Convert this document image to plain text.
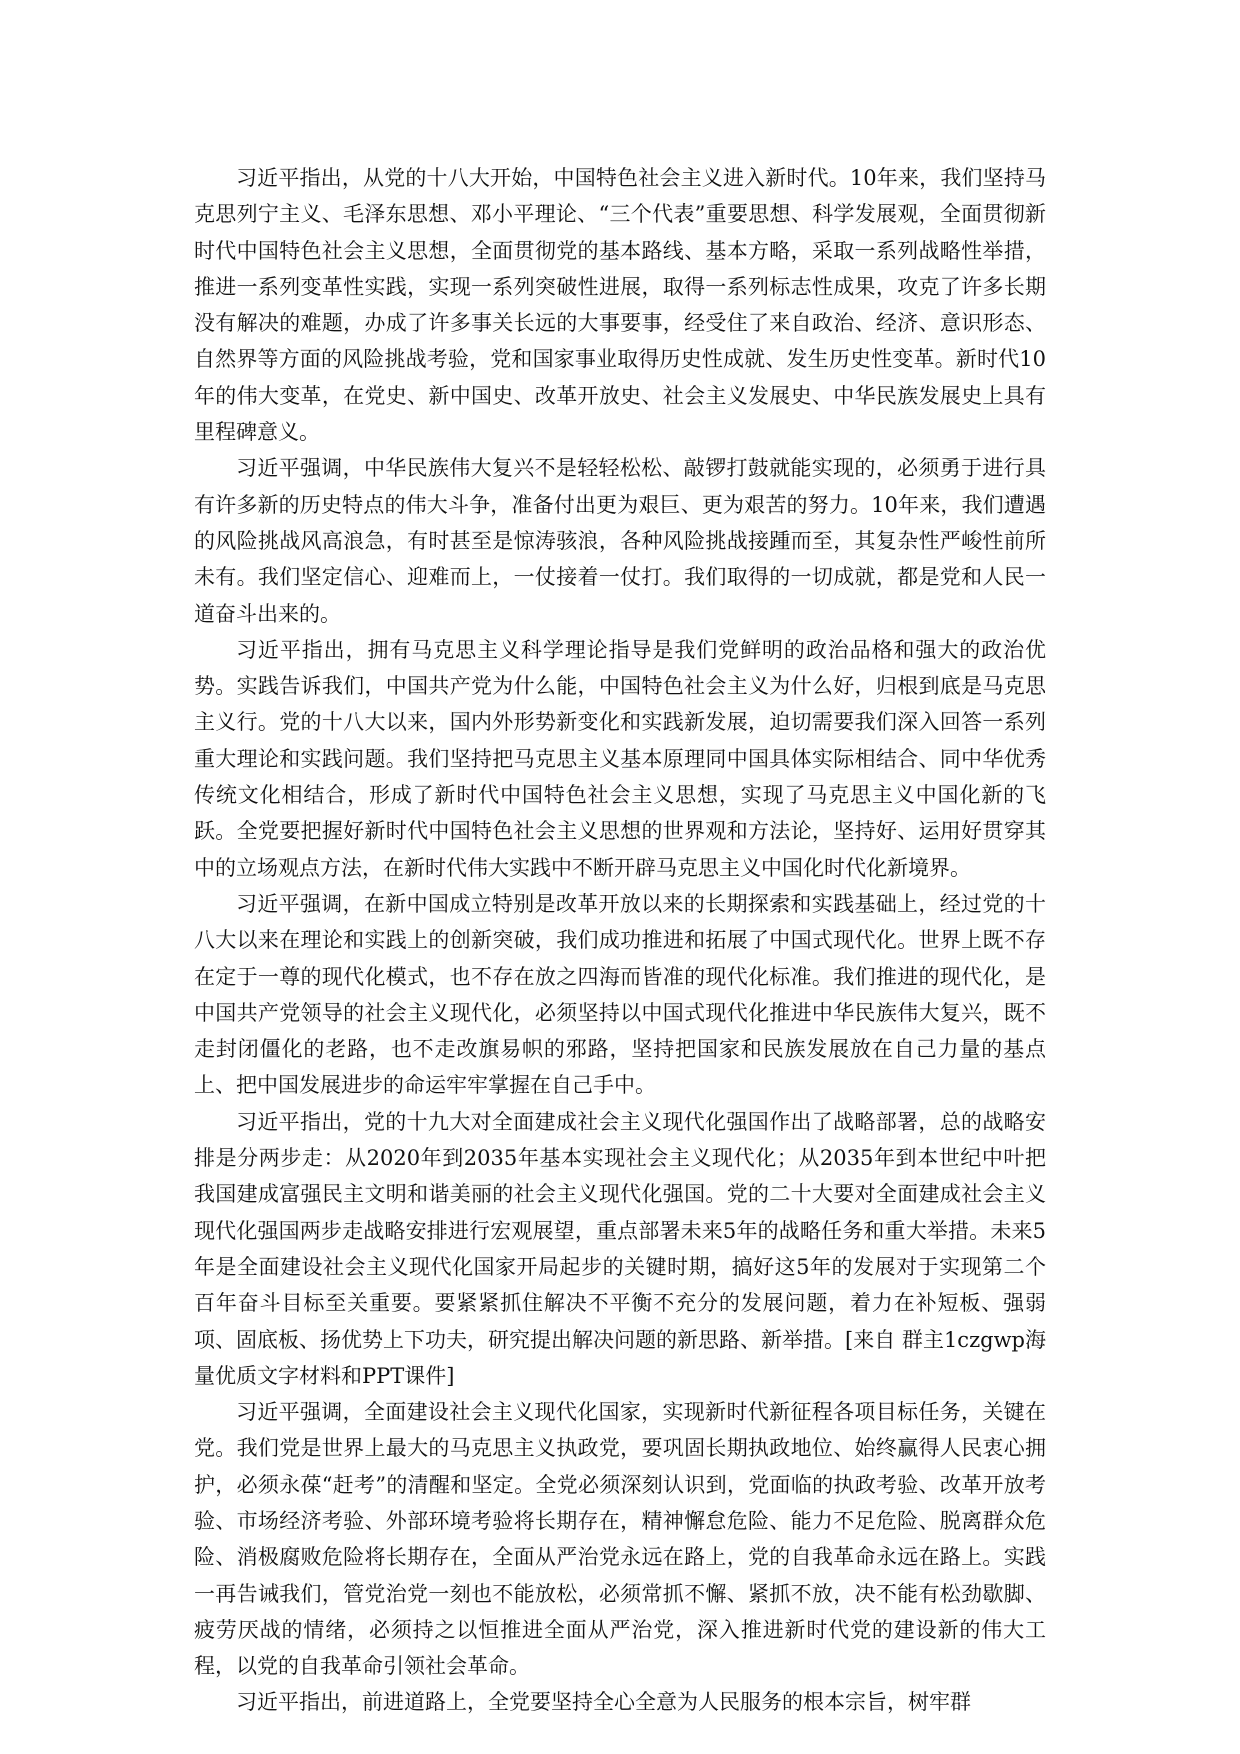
习近平指出，从党的十八大开始，中国特色社会主义进入新时代。10年来，我们坚持马克思列宁主义、毛泽东思想、邓小平理论、“三个代表”重要思想、科学发展观，全面贯彻新时代中国特色社会主义思想，全面贯彻党的基本路线、基本方略，采取一系列战略性举措，推进一系列变革性实践，实现一系列突破性进展，取得一系列标志性成果，攻克了许多长期没有解决的难题，办成了许多事关长远的大事要事，经受住了来自政治、经济、意识形态、自然界等方面的风险挑战考验，党和国家事业取得历史性成就、发生历史性变革。新时代10年的伟大变革，在党史、新中国史、改革开放史、社会主义发展史、中华民族发展史上具有里程碑意义。

习近平强调，中华民族伟大复兴不是轻轻松松、敲锣打鼓就能实现的，必须勇于进行具有许多新的历史特点的伟大斗争，准备付出更为艰巨、更为艰苦的努力。10年来，我们遭遇的风险挑战风高浪急，有时甚至是惊涛骇浪，各种风险挑战接踵而至，其复杂性严峻性前所未有。我们坚定信心、迎难而上，一仗接着一仗打。我们取得的一切成就，都是党和人民一道奋斗出来的。

习近平指出，拥有马克思主义科学理论指导是我们党鲜明的政治品格和强大的政治优势。实践告诉我们，中国共产党为什么能，中国特色社会主义为什么好，归根到底是马克思主义行。党的十八大以来，国内外形势新变化和实践新发展，迫切需要我们深入回答一系列重大理论和实践问题。我们坚持把马克思主义基本原理同中国具体实际相结合、同中华优秀传统文化相结合，形成了新时代中国特色社会主义思想，实现了马克思主义中国化新的飞跃。全党要把握好新时代中国特色社会主义思想的世界观和方法论，坚持好、运用好贯穿其中的立场观点方法，在新时代伟大实践中不断开辟马克思主义中国化时代化新境界。

习近平强调，在新中国成立特别是改革开放以来的长期探索和实践基础上，经过党的十八大以来在理论和实践上的创新突破，我们成功推进和拓展了中国式现代化。世界上既不存在定于一尊的现代化模式，也不存在放之四海而皆准的现代化标准。我们推进的现代化，是中国共产党领导的社会主义现代化，必须坚持以中国式现代化推进中华民族伟大复兴，既不走封闭僵化的老路，也不走改旗易帜的邪路，坚持把国家和民族发展放在自己力量的基点上、把中国发展进步的命运牢牢掌握在自己手中。

习近平指出，党的十九大对全面建成社会主义现代化强国作出了战略部署，总的战略安排是分两步走：从2020年到2035年基本实现社会主义现代化；从2035年到本世纪中叶把我国建成富强民主文明和谐美丽的社会主义现代化强国。党的二十大要对全面建成社会主义现代化强国两步走战略安排进行宏观展望，重点部署未来5年的战略任务和重大举措。未来5年是全面建设社会主义现代化国家开局起步的关键时期，搞好这5年的发展对于实现第二个百年奋斗目标至关重要。要紧紧抓住解决不平衡不充分的发展问题，着力在补短板、强弱项、固底板、扬优势上下功夫，研究提出解决问题的新思路、新举措。[来自 群主1czgwp海量优质文字材料和PPT课件]

习近平强调，全面建设社会主义现代化国家，实现新时代新征程各项目标任务，关键在党。我们党是世界上最大的马克思主义执政党，要巩固长期执政地位、始终赢得人民衷心拥护，必须永葆“赶考”的清醒和坚定。全党必须深刻认识到，党面临的执政考验、改革开放考验、市场经济考验、外部环境考验将长期存在，精神懈怠危险、能力不足危险、脱离群众危险、消极腐败危险将长期存在，全面从严治党永远在路上，党的自我革命永远在路上。实践一再告诫我们，管党治党一刻也不能放松，必须常抓不懈、紧抓不放，决不能有松劲歇脚、疲劳厌战的情绪，必须持之以恒推进全面从严治党，深入推进新时代党的建设新的伟大工程，以党的自我革命引领社会革命。

习近平指出，前进道路上，全党要坚持全心全意为人民服务的根本宗旨，树牢群
